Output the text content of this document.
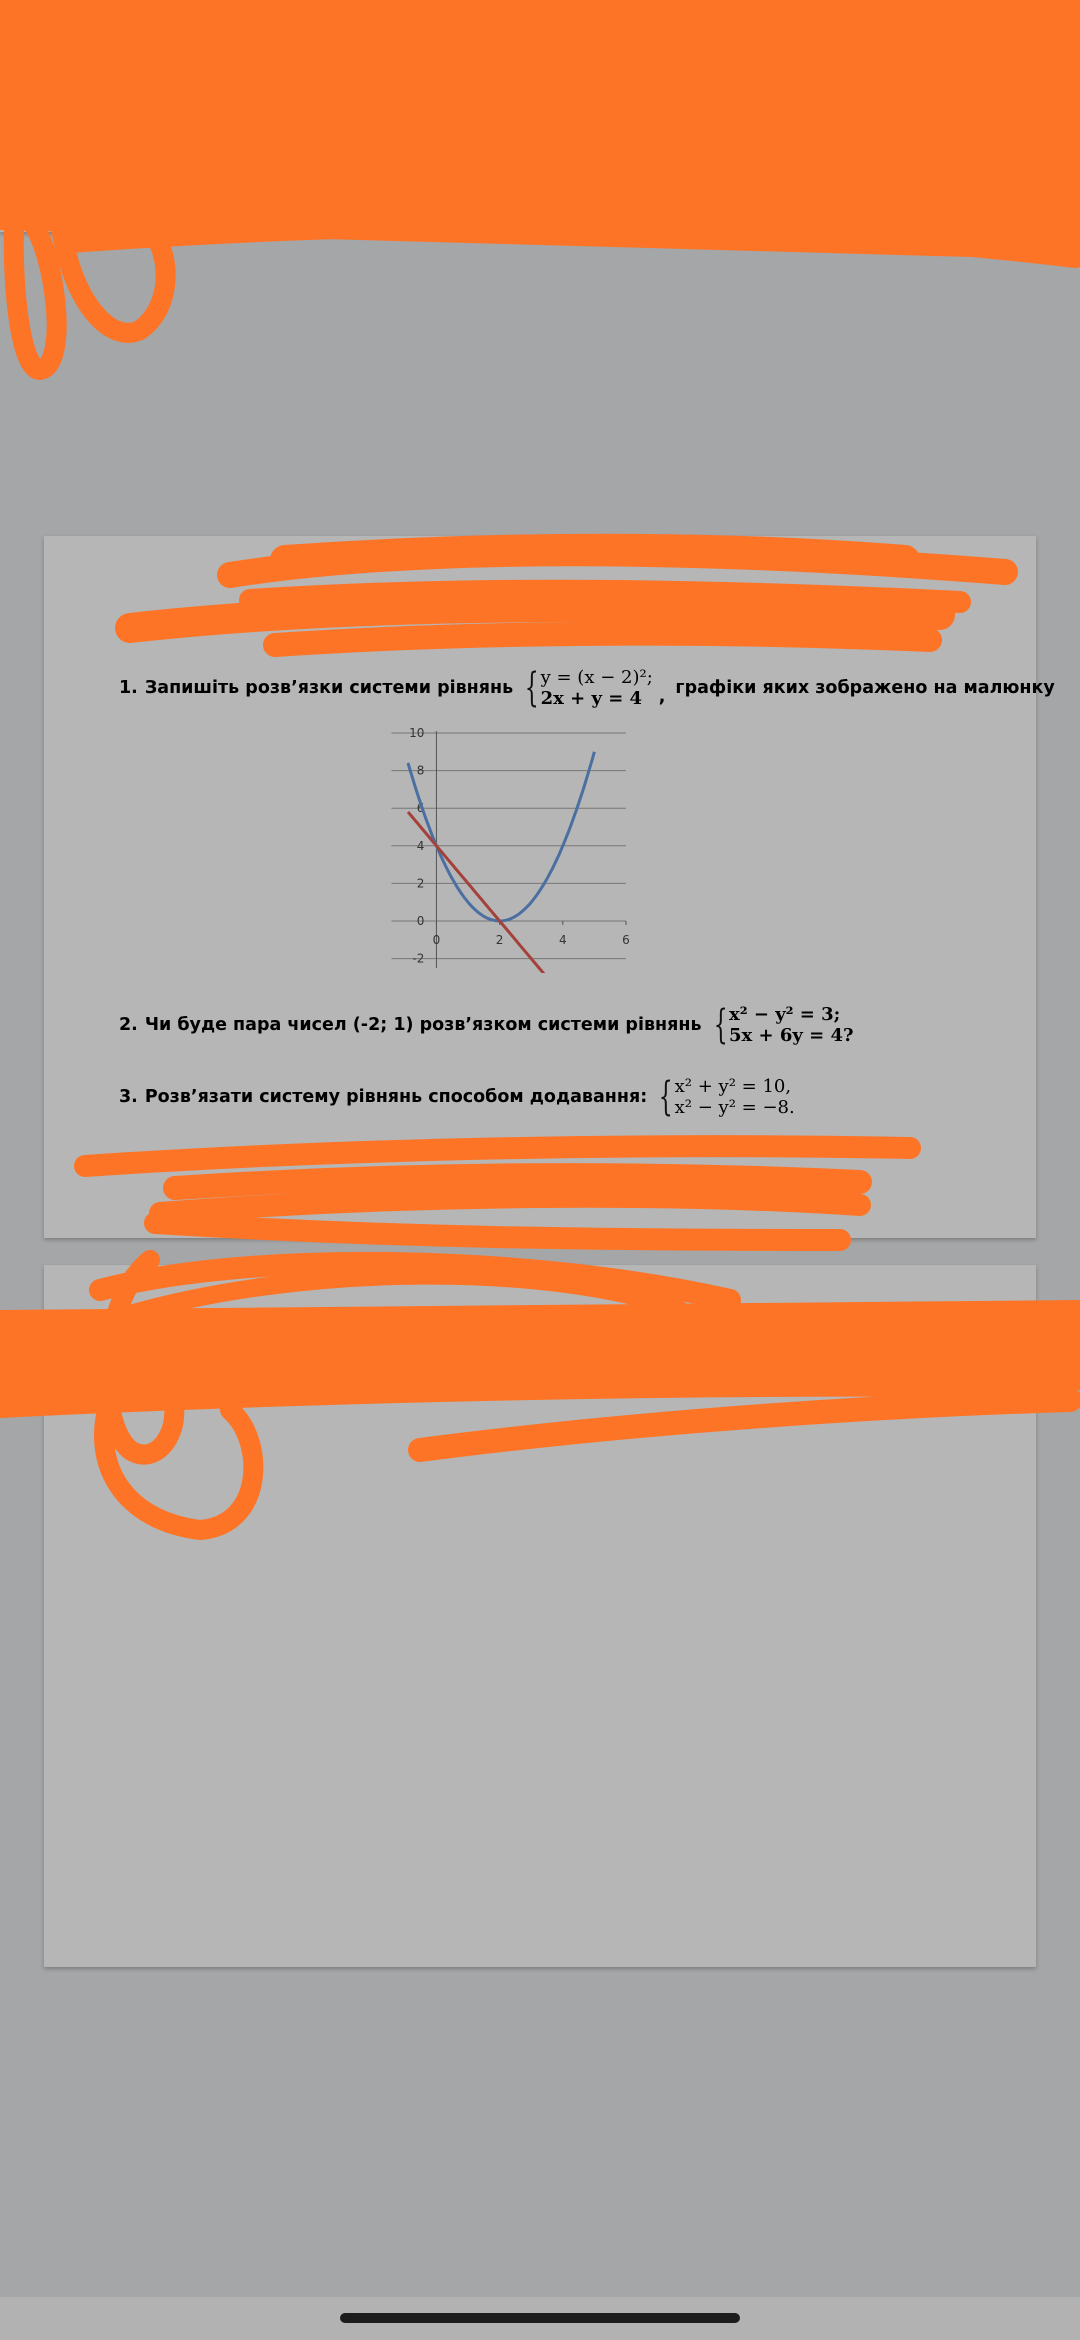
1. Запишіть розв’язки системи рівнянь { y = (x − 2)²;
2x + y = 4 , графіки яких зображено на малюнку
10
8
6
4
2
0
-2
0	2	4	6
2. Чи буде пара чисел (-2; 1) розв’язком системи рівнянь { x² − y² = 3;
5x + 6y = 4?
3. Розв’язати систему рівнянь способом додавання: { x² + y² = 10,
x² − y² = −8.
